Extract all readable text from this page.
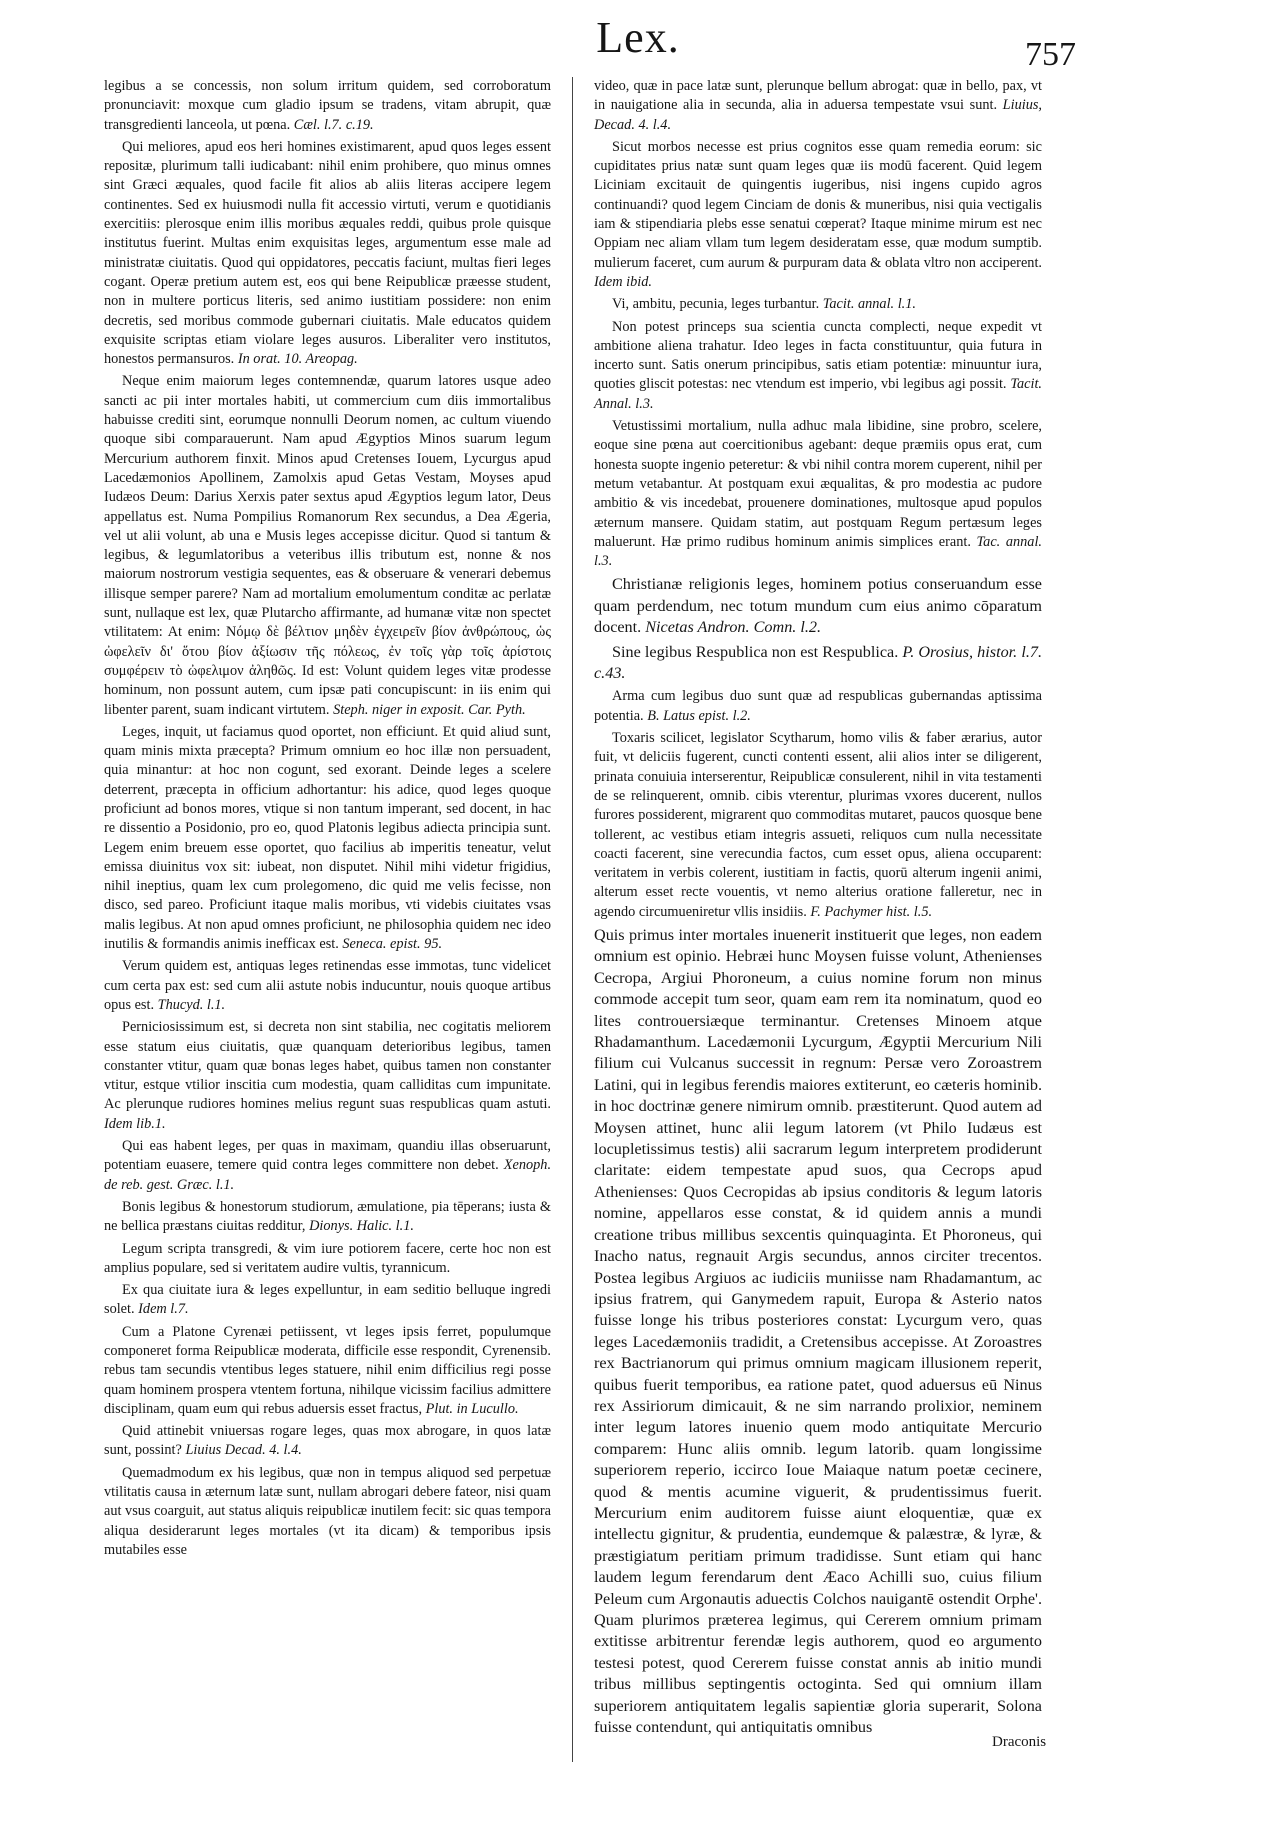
Lex.	757

legibus a se concessis, non solum irritum quidem, sed corroboratum pronunciavit: moxque cum gladio ipsum se tradens, vitam abrupit, quæ transgredienti lanceola, ut pœna. Cæl. l.7. c.19.

Qui meliores, apud eos heri homines existimarent, apud quos leges essent repositæ, plurimum talli iudicabant: nihil enim prohibere, quo minus omnes sint Græci æquales, quod facile fit alios ab aliis literas accipere legem continentes. Sed ex huiusmodi nulla fit accessio virtuti, verum e quotidianis exercitiis: plerosque enim illis moribus æquales reddi, quibus prole quisque institutus fuerint. Multas enim exquisitas leges, argumentum esse male ad ministratæ ciuitatis. Quod qui oppidatores, peccatis faciunt, multas fieri leges cogant. Operæ pretium autem est, eos qui bene Reipublicæ præesse student, non in multere porticus literis, sed animo iustitiam possidere: non enim decretis, sed moribus commode gubernari ciuitatis. Male educatos quidem exquisite scriptas etiam violare leges ausuros. Liberaliter vero institutos, honestos permansuros. In orat. 10. Areopag.

Neque enim maiorum leges contemnendæ, quarum latores usque adeo sancti ac pii inter mortales habiti, ut commercium cum diis immortalibus habuisse crediti sint, eorumque nonnulli Deorum nomen, ac cultum viuendo quoque sibi comparauerunt. Nam apud Ægyptios Minos suarum legum Mercurium authorem finxit. Minos apud Cretenses Iouem, Lycurgus apud Lacedæmonios Apollinem, Zamolxis apud Getas Vestam, Moyses apud Iudæos Deum: Darius Xerxis pater sextus apud Ægyptios legum lator, Deus appellatus est. Numa Pompilius Romanorum Rex secundus, a Dea Ægeria, vel ut alii volunt, ab una e Musis leges accepisse dicitur. Quod si tantum & legibus, & legumlatoribus a veteribus illis tributum est, nonne & nos maiorum nostrorum vestigia sequentes, eas & obseruare & venerari debemus illisque semper parere? Nam ad mortalium emolumentum conditæ ac perlatæ sunt, nullaque est lex, quæ Plutarcho affirmante, ad humanæ vitæ non spectet vtilitatem: At enim: Νόμῳ δὲ βέλτιον μηδὲν ἐγχειρεῖν βίον ἀνθρώπους, ὡς ὠφελεῖν δι' ὅτου βίον ἀξίωσιν τῆς πόλεως, ἐν τοῖς γὰρ τοῖς ἀρίστοις συμφέρειν τὸ ὠφελιμον ἀληθῶς. Id est: Volunt quidem leges vitæ prodesse hominum, non possunt autem, cum ipsæ pati concupiscunt: in iis enim qui libenter parent, suam indicant virtutem. Steph. niger in exposit. Car. Pyth.

Leges, inquit, ut faciamus quod oportet, non efficiunt. Et quid aliud sunt, quam minis mixta præcepta? Primum omnium eo hoc illæ non persuadent, quia minantur: at hoc non cogunt, sed exorant. Deinde leges a scelere deterrent, præcepta in officium adhortantur: his adice, quod leges quoque proficiunt ad bonos mores, vtique si non tantum imperant, sed docent, in hac re dissentio a Posidonio, pro eo, quod Platonis legibus adiecta principia sunt. Legem enim breuem esse oportet, quo facilius ab imperitis teneatur, velut emissa diuinitus vox sit: iubeat, non disputet. Nihil mihi videtur frigidius, nihil ineptius, quam lex cum prolegomeno, dic quid me velis fecisse, non disco, sed pareo. Proficiunt itaque malis moribus, vti videbis ciuitates vsas malis legibus. At non apud omnes proficiunt, ne philosophia quidem nec ideo inutilis & formandis animis inefficax est. Seneca. epist. 95.

Verum quidem est, antiquas leges retinendas esse immotas, tunc videlicet cum certa pax est: sed cum alii astute nobis inducuntur, nouis quoque artibus opus est. Thucyd. l.1.

Perniciosissimum est, si decreta non sint stabilia, nec cogitatis meliorem esse statum eius ciuitatis, quæ quanquam deterioribus legibus, tamen constanter vtitur, quam quæ bonas leges habet, quibus tamen non constanter vtitur, estque vtilior inscitia cum modestia, quam calliditas cum impunitate. Ac plerunque rudiores homines melius regunt suas respublicas quam astuti. Idem lib.1.

Qui eas habent leges, per quas in maximam, quandiu illas obseruarunt, potentiam euasere, temere quid contra leges committere non debet. Xenoph. de reb. gest. Græc. l.1.

Bonis legibus & honestorum studiorum, æmulatione, pia tēperans; iusta & ne bellica præstans ciuitas redditur, Dionys. Halic. l.1.

Legum scripta transgredi, & vim iure potiorem facere, certe hoc non est amplius populare, sed si veritatem audire vultis, tyrannicum.

Ex qua ciuitate iura & leges expelluntur, in eam seditio belluque ingredi solet. Idem l.7.

Cum a Platone Cyrenæi petiissent, vt leges ipsis ferret, populumque componeret forma Reipublicæ moderata, difficile esse respondit, Cyrenensib. rebus tam secundis vtentibus leges statuere, nihil enim difficilius regi posse quam hominem prospera vtentem fortuna, nihilque vicissim facilius admittere disciplinam, quam eum qui rebus aduersis esset fractus, Plut. in Lucullo.

Quid attinebit vniuersas rogare leges, quas mox abrogare, in quos latæ sunt, possint? Liuius Decad. 4. l.4.

Quemadmodum ex his legibus, quæ non in tempus aliquod sed perpetuæ vtilitatis causa in æternum latæ sunt, nullam abrogari debere fateor, nisi quam aut vsus coarguit, aut status aliquis reipublicæ inutilem fecit: sic quas tempora aliqua desiderarunt leges mortales (vt ita dicam) & temporibus ipsis mutabiles esse

video, quæ in pace latæ sunt, plerunque bellum abrogat: quæ in bello, pax, vt in nauigatione alia in secunda, alia in aduersa tempestate vsui sunt. Liuius, Decad. 4. l.4.

Sicut morbos necesse est prius cognitos esse quam remedia eorum: sic cupiditates prius natæ sunt quam leges quæ iis modū facerent. Quid legem Liciniam excitauit de quingentis iugeribus, nisi ingens cupido agros continuandi? quod legem Cinciam de donis & muneribus, nisi quia vectigalis iam & stipendiaria plebs esse senatui cœperat? Itaque minime mirum est nec Oppiam nec aliam vllam tum legem desideratam esse, quæ modum sumptib. mulierum faceret, cum aurum & purpuram data & oblata vltro non acciperent. Idem ibid.

Vi, ambitu, pecunia, leges turbantur. Tacit. annal. l.1.

Non potest princeps sua scientia cuncta complecti, neque expedit vt ambitione aliena trahatur. Ideo leges in facta constituuntur, quia futura in incerto sunt. Satis onerum principibus, satis etiam potentiæ: minuuntur iura, quoties gliscit potestas: nec vtendum est imperio, vbi legibus agi possit. Tacit. Annal. l.3.

Vetustissimi mortalium, nulla adhuc mala libidine, sine probro, scelere, eoque sine pœna aut coercitionibus agebant: deque præmiis opus erat, cum honesta suopte ingenio peteretur: & vbi nihil contra morem cuperent, nihil per metum vetabantur. At postquam exui æqualitas, & pro modestia ac pudore ambitio & vis incedebat, prouenere dominationes, multosque apud populos æternum mansere. Quidam statim, aut postquam Regum pertæsum leges maluerunt. Hæ primo rudibus hominum animis simplices erant. Tac. annal. l.3.

Christianæ religionis leges, hominem potius conseruandum esse quam perdendum, nec totum mundum cum eius animo cōparatum docent. Nicetas Andron. Comn. l.2.

Sine legibus Respublica non est Respublica. P. Orosius, histor. l.7. c.43.

Arma cum legibus duo sunt quæ ad respublicas gubernandas aptissima potentia. B. Latus epist. l.2.

Toxaris scilicet, legislator Scytharum, homo vilis & faber ærarius, autor fuit, vt deliciis fugerent, cuncti contenti essent, alii alios inter se diligerent, prinata conuiuia interserentur, Reipublicæ consulerent, nihil in vita testamenti de se relinquerent, omnib. cibis vterentur, plurimas vxores ducerent, nullos furores possiderent, migrarent quo commoditas mutaret, paucos quosque bene tollerent, ac vestibus etiam integris assueti, reliquos cum nulla necessitate coacti facerent, sine verecundia factos, cum esset opus, aliena occuparent: veritatem in verbis colerent, iustitiam in factis, quorū alterum ingenii animi, alterum esset recte vouentis, vt nemo alterius oratione falleretur, nec in agendo circumueniretur vllis insidiis. F. Pachymer hist. l.5.

Quis primus inter mortales inuenerit instituerit que leges, non eadem omnium est opinio. Hebræi hunc Moysen fuisse volunt, Athenienses Cecropa, Argiui Phoroneum, a cuius nomine forum non minus commode accepit tum seor, quam eam rem ita nominatum, quod eo lites controuersiæque terminantur. Cretenses Minoem atque Rhadamanthum. Lacedæmonii Lycurgum, Ægyptii Mercurium Nili filium cui Vulcanus successit in regnum: Persæ vero Zoroastrem Latini, qui in legibus ferendis maiores extiterunt, eo cæteris hominib. in hoc doctrinæ genere nimirum omnib. præstiterunt. Quod autem ad Moysen attinet, hunc alii legum latorem (vt Philo Iudæus est locupletissimus testis) alii sacrarum legum interpretem prodiderunt claritate: eidem tempestate apud suos, qua Cecrops apud Athenienses: Quos Cecropidas ab ipsius conditoris & legum latoris nomine, appellaros esse constat, & id quidem annis a mundi creatione tribus millibus sexcentis quinquaginta. Et Phoroneus, qui Inacho natus, regnauit Argis secundus, annos circiter trecentos. Postea legibus Argiuos ac iudiciis muniisse nam Rhadamantum, ac ipsius fratrem, qui Ganymedem rapuit, Europa & Asterio natos fuisse longe his tribus posteriores constat: Lycurgum vero, quas leges Lacedæmoniis tradidit, a Cretensibus accepisse. At Zoroastres rex Bactrianorum qui primus omnium magicam illusionem reperit, quibus fuerit temporibus, ea ratione patet, quod aduersus eū Ninus rex Assiriorum dimicauit, & ne sim narrando prolixior, neminem inter legum latores inuenio quem modo antiquitate Mercurio comparem: Hunc aliis omnib. legum latorib. quam longissime superiorem reperio, iccirco Ioue Maiaque natum poetæ cecinere, quod & mentis acumine viguerit, & prudentissimus fuerit. Mercurium enim auditorem fuisse aiunt eloquentiæ, quæ ex intellectu gignitur, & prudentia, eundemque & palæstræ, & lyræ, & præstigiatum peritiam primum tradidisse. Sunt etiam qui hanc laudem legum ferendarum dent Æaco Achilli suo, cuius filium Peleum cum Argonautis aduectis Colchos nauigantē ostendit Orphe'. Quam plurimos præterea legimus, qui Cererem omnium primam extitisse arbitrentur ferendæ legis authorem, quod eo argumento testesi potest, quod Cererem fuisse constat annis ab initio mundi tribus millibus septingentis octoginta. Sed qui omnium illam superiorem antiquitatem legalis sapientiæ gloria superarit, Solona fuisse contendunt, qui antiquitatis omnibus

Draconis
